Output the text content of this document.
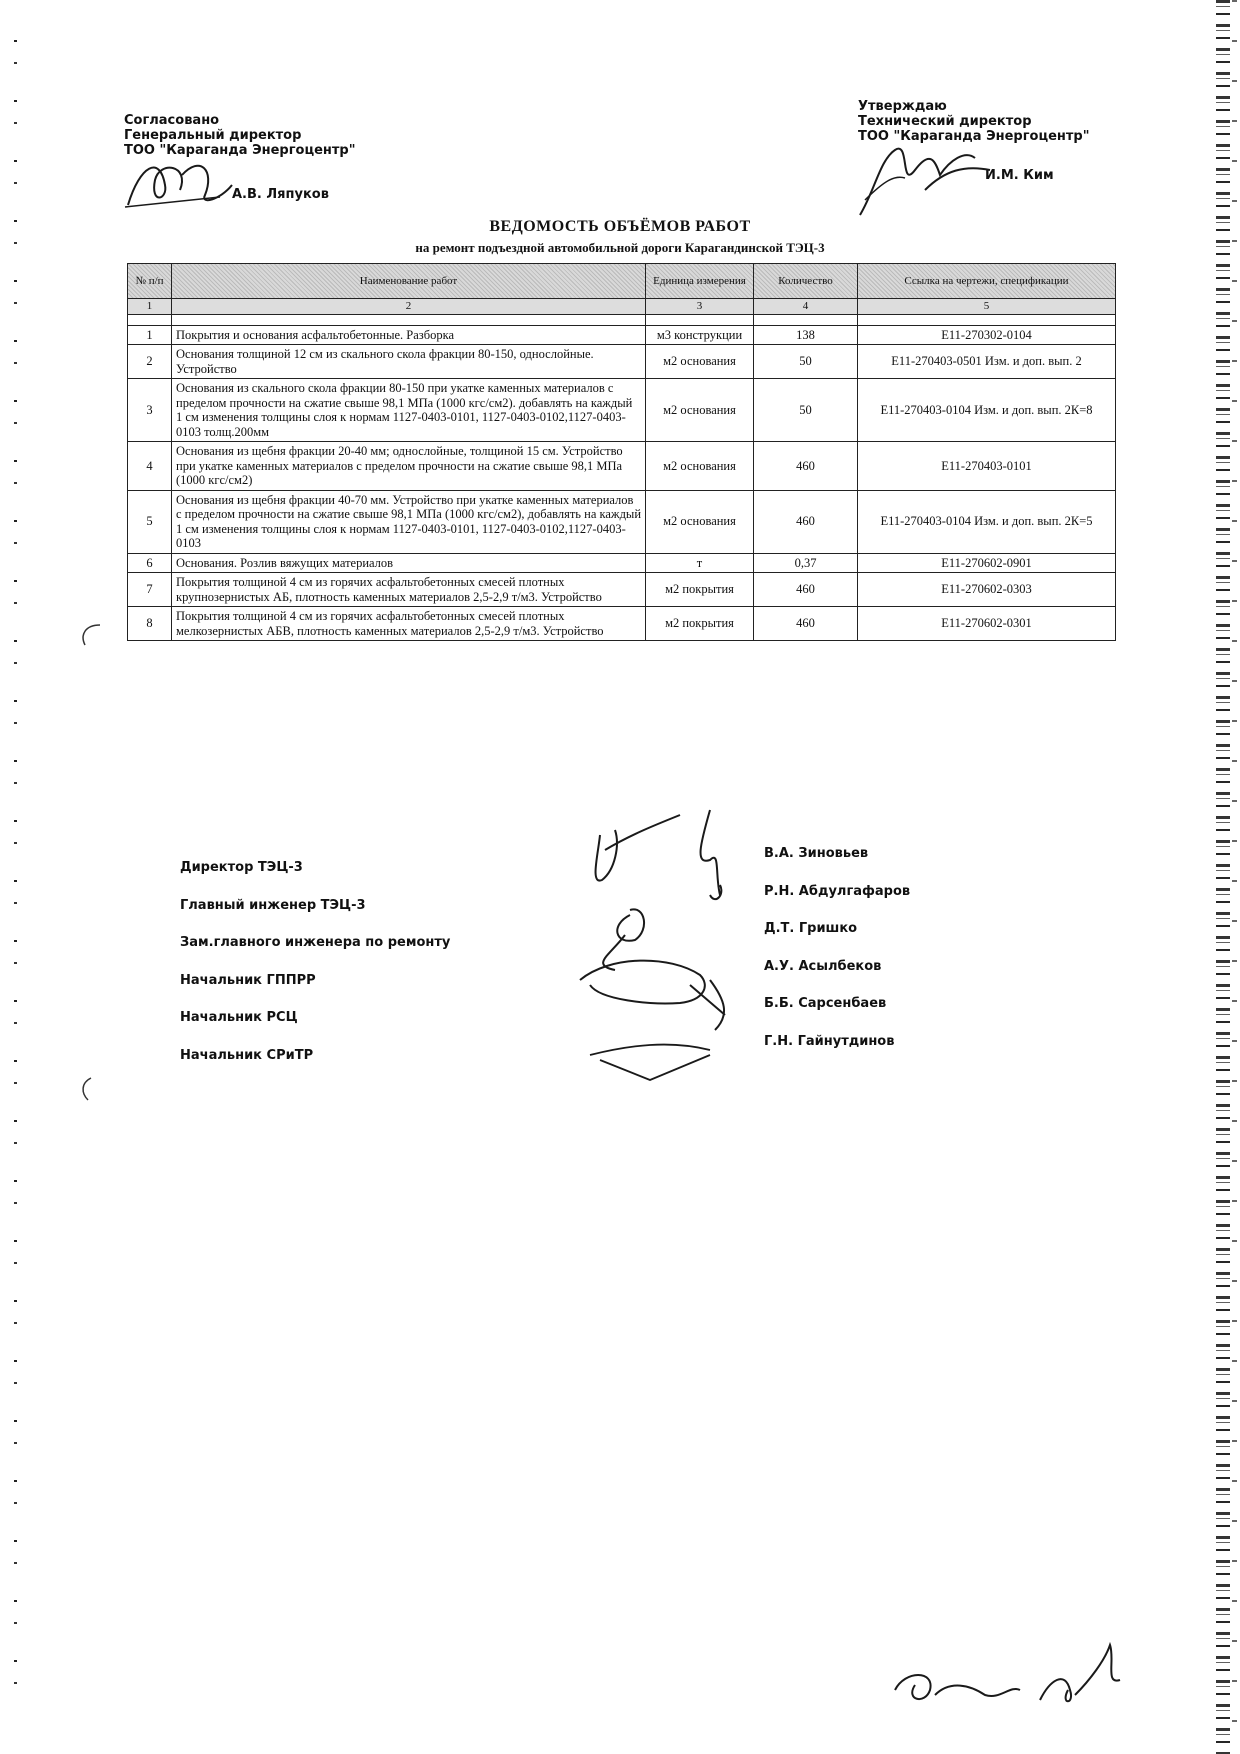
Согласовано
Генеральный директор
ТОО "Караганда Энергоцентр"
А.В. Ляпуков
Утверждаю
Технический директор
ТОО "Караганда Энергоцентр"
И.М. Ким
ВЕДОМОСТЬ ОБЪЁМОВ РАБОТ
на ремонт подъездной автомобильной дороги Карагандинской ТЭЦ-3
№ п/п	Наименование работ	Единица измерения	Количество	Ссылка на чертежи, спецификации
1	2	3	4	5

1	Покрытия и основания асфальтобетонные. Разборка	м3 конструкции	138	Е11-270302-0104
2	Основания толщиной 12 см из скального скола фракции 80-150, однослойные. Устройство	м2 основания	50	Е11-270403-0501 Изм. и доп. вып. 2
3	Основания из скального скола фракции 80-150 при укатке каменных материалов с пределом прочности на сжатие свыше 98,1 МПа (1000 кгс/см2). добавлять на каждый 1 см изменения толщины слоя к нормам 1127-0403-0101, 1127-0403-0102,1127-0403-0103 толщ.200мм	м2 основания	50	Е11-270403-0104 Изм. и доп. вып. 2К=8
4	Основания из щебня фракции 20-40 мм; однослойные, толщиной 15 см. Устройство при укатке каменных материалов с пределом прочности на сжатие свыше 98,1 МПа (1000 кгс/см2)	м2 основания	460	Е11-270403-0101
5	Основания из щебня фракции 40-70 мм. Устройство при укатке каменных материалов с пределом прочности на сжатие свыше 98,1 МПа (1000 кгс/см2), добавлять на каждый 1 см изменения толщины слоя к нормам 1127-0403-0101, 1127-0403-0102,1127-0403-0103	м2 основания	460	Е11-270403-0104 Изм. и доп. вып. 2К=5
6	Основания. Розлив вяжущих материалов	т	0,37	Е11-270602-0901
7	Покрытия толщиной 4 см из горячих асфальтобетонных смесей плотных крупнозернистых АБ, плотность каменных материалов 2,5-2,9 т/м3. Устройство	м2 покрытия	460	Е11-270602-0303
8	Покрытия толщиной 4 см из горячих асфальтобетонных смесей плотных мелкозернистых АБВ, плотность каменных материалов 2,5-2,9 т/м3. Устройство	м2 покрытия	460	Е11-270602-0301
Директор ТЭЦ-3
Главный инженер ТЭЦ-3
Зам.главного инженера по ремонту
Начальник ГППРР
Начальник РСЦ
Начальник СРиТР
В.А. Зиновьев
Р.Н. Абдулгафаров
Д.Т. Гришко
А.У. Асылбеков
Б.Б. Сарсенбаев
Г.Н. Гайнутдинов
